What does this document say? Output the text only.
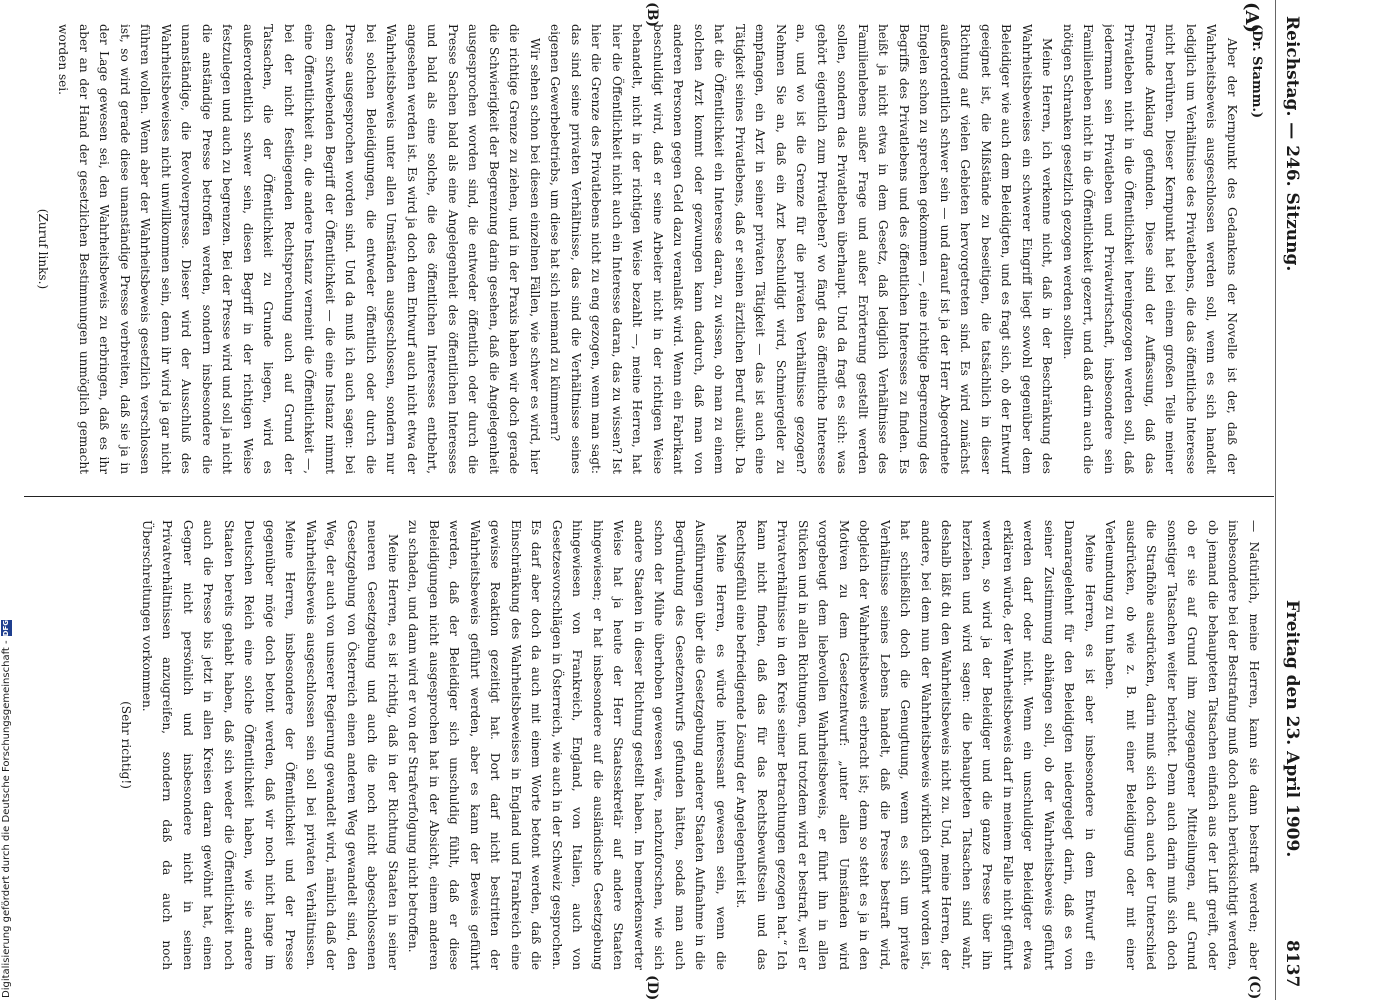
Digitalisierung gefördert durch die Deutsche Forschungsgemeinschaft -
DFG
Reichstag. — 246. Sitzung.
Freitag den 23. April 1909.
8137
(A)
(B)
(C)
(D)
(Dr. Stamm.)

Aber der Kernpunkt des Gedankens der Novelle ist der, daß der Wahrheitsbeweis ausgeschlossen werden soll, wenn es sich handelt lediglich um Verhältnisse des Privatlebens, die das öffentliche Interesse nicht berühren. Dieser Kernpunkt hat bei einem großen Teile meiner Freunde Anklang gefunden. Diese sind der Auffassung, daß das Privatleben nicht in die Öffentlichkeit hereingezogen werden soll, daß jedermann sein Privatleben und Privatwirtschaft, insbesondere sein Familienleben nicht in die Öffentlichkeit gezerrt, und daß darin auch die nötigen Schranken gesetzlich gezogen werden sollten.

Meine Herren, ich verkenne nicht, daß in der Beschränkung des Wahrheitsbeweises ein schwerer Eingriff liegt sowohl gegenüber dem Beleidiger wie auch dem Beleidigten, und es fragt sich, ob der Entwurf geeignet ist, die Mißstände zu beseitigen, die tatsächlich in dieser Richtung auf vielen Gebieten hervorgetreten sind. Es wird zunächst außerordentlich schwer sein — und darauf ist ja der Herr Abgeordnete Engelen schon zu sprechen gekommen —, eine richtige Begrenzung des Begriffs des Privatlebens und des öffentlichen Interesses zu finden. Es heißt ja nicht etwa in dem Gesetz, daß lediglich Verhältnisse des Familienlebens außer Frage und außer Erörterung gestellt werden sollen, sondern das Privatleben überhaupt. Und da fragt es sich: was gehört eigentlich zum Privatleben? wo fängt das öffentliche Interesse an, und wo ist die Grenze für die privaten Verhältnisse gezogen? Nehmen Sie an, daß ein Arzt beschuldigt wird, Schmiergelder zu empfangen, ein Arzt in seiner privaten Tätigkeit — das ist auch eine Tätigkeit seines Privatlebens, daß er seinen ärztlichen Beruf ausübt. Da hat die Öffentlichkeit ein Interesse daran, zu wissen, ob man zu einem solchen Arzt kommt oder gezwungen kann dadurch, daß man von anderen Personen gegen Geld dazu veranlaßt wird. Wenn ein Fabrikant beschuldigt wird, daß er seine Arbeiter nicht in der richtigen Weise behandelt, nicht in der richtigen Weise bezahlt —, meine Herren, hat hier die Öffentlichkeit nicht auch ein Interesse daran, das zu wissen? Ist hier die Grenze des Privatlebens nicht zu eng gezogen, wenn man sagt: das sind seine privaten Verhältnisse, das sind die Verhältnisse seines eigenen Gewerbebetriebs, um diese hat sich niemand zu kümmern?

Wir sehen schon bei diesen einzelnen Fällen, wie schwer es wird, hier die richtige Grenze zu ziehen, und in der Praxis haben wir doch gerade die Schwierigkeit der Begrenzung darin gesehen, daß die Angelegenheit ausgesprochen worden sind, die entweder öffentlich oder durch die Presse Sachen bald als eine Angelegenheit des öffentlichen Interesses und bald als eine solche, die des öffentlichen Interesses entbehrt, angesehen werden ist. Es wird ja doch dem Entwurf auch nicht etwa der Wahrheitsbeweis unter allen Umständen ausgeschlossen, sondern nur bei solchen Beleidigungen, die entweder öffentlich oder durch die Presse ausgesprochen worden sind. Und da muß ich auch sagen: bei dem schwebenden Begriff der Öffentlichkeit — die eine Instanz nimmt eine Öffentlichkeit an, die andere Instanz verneint die Öffentlichkeit —, bei der nicht festliegenden Rechtsprechung auch auf Grund der Tatsachen, die der Öffentlichkeit zu Grunde liegen, wird es außerordentlich schwer sein, diesen Begriff in der richtigen Weise festzulegen und auch zu begrenzen. Bei der Presse wird und soll ja nicht die anständige Presse betroffen werden, sondern insbesondere die unanständige, die Revolverpresse. Dieser wird der Ausschluß des Wahrheitsbeweises nicht unwillkommen sein, denn ihr wird ja gar nicht führen wollen. Wenn aber der Wahrheitsbeweis gesetzlich verschlossen ist, so wird gerade diese unanständige Presse verbreiten, daß sie ja in der Lage gewesen sei, den Wahrheitsbeweis zu erbringen, daß es ihr aber an der Hand der gesetzlichen Bestimmungen unmöglich gemacht worden sei.

(Zuruf links.)

— Natürlich, meine Herren, kann sie dann bestraft werden; aber insbesondere bei der Bestrafung muß doch auch berücksichtigt werden, ob jemand die behaupteten Tatsachen einfach aus der Luft greift, oder ob er sie auf Grund ihm zugegangener Mitteilungen, auf Grund sonstiger Tatsachen weiter berichtet. Denn auch darin muß sich doch die Strafhöhe ausdrücken, darin muß sich doch auch der Unterschied ausdrücken, ob wie z. B. mit einer Beleidigung oder mit einer Verleumdung zu tun haben.

Meine Herren, es ist aber insbesondere in dem Entwurf ein Damaragelehnt für den Beleidigten niedergelegt darin, daß es von seiner Zustimmung abhängen soll, ob der Wahrheitsbeweis geführt werden darf oder nicht. Wenn ein unschuldiger Beleidigter etwa erklären würde, der Wahrheitsbeweis darf in meinem Falle nicht geführt werden, so wird ja der Beleidiger und die ganze Presse über ihn herziehen und wird sagen: die behaupteten Tatsachen sind wahr, deshalb läßt du den Wahrheitsbeweis nicht zu. Und, meine Herren, der andere, bei dem nun der Wahrheitsbeweis wirklich geführt worden ist, hat schließlich doch die Genugtuung, wenn es sich um private Verhältnisse seines Lebens handelt, daß die Presse bestraft wird, obgleich der Wahrheitsbeweis erbracht ist; denn so steht es ja in den Motiven zu dem Gesetzentwurf: „unter allen Umständen wird vorgebeugt dem liebevollen Wahrheitsbeweis, er führt ihn in allen Stücken und in allen Richtungen, und trotzdem wird er bestraft, weil er Privatverhältnisse in den Kreis seiner Betrachtungen gezogen hat.“ Ich kann nicht finden, daß das für das Rechtsbewußtsein und das Rechtsgefühl eine befriedigende Lösung der Angelegenheit ist.

Meine Herren, es würde interessant gewesen sein, wenn die Ausführungen über die Gesetzgebung anderer Staaten Aufnahme in die Begründung des Gesetzentwurfs gefunden hätten, sodaß man auch schon der Mühe überhoben gewesen wäre, nachzuforschen, wie sich andere Staaten in dieser Richtung gestellt haben. Im bemerkenswerter Weise hat ja heute der Herr Staatssekretär auf andere Staaten hingewiesen; er hat insbesondere auf die ausländische Gesetzgebung hingewiesen von Frankreich, England, von Italien, auch von Gesetzesvorschlägen in Österreich, wie auch in der Schweiz gesprochen. Es darf aber doch da auch mit einem Worte betont werden, daß die Einschränkung des Wahrheitsbeweises in England und Frankreich eine gewisse Reaktion gezeitigt hat. Dort darf nicht bestritten der Wahrheitsbeweis geführt werden, aber es kann der Beweis geführt werden, daß der Beleidiger sich unschuldig fühlt, daß er diese Beleidigungen nicht ausgesprochen hat in der Absicht, einem anderen zu schaden, und dann wird er von der Strafverfolgung nicht betroffen.

Meine Herren, es ist richtig, daß in der Richtung Staaten in seiner neueren Gesetzgebung und auch die noch nicht abgeschlossenen Gesetzgebung von Österreich einen anderen Weg gewandelt sind, den Weg, der auch von unserer Regierung gewandelt wird, nämlich daß der Wahrheitsbeweis ausgeschlossen sein soll bei privaten Verhältnissen. Meine Herren, insbesondere der Öffentlichkeit und der Presse gegenüber möge doch betont werden, daß wir noch nicht lange im Deutschen Reich eine solche Öffentlichkeit haben, wie sie andere Staaten bereits gehabt haben, daß sich weder die Öffentlichkeit noch auch die Presse bis jetzt in allen Kreisen daran gewöhnt hat, einen Gegner nicht persönlich und insbesondere nicht in seinen Privatverhältnissen anzugreifen, sondern daß da auch noch Überschreitungen vorkommen.

(Sehr richtig!)
